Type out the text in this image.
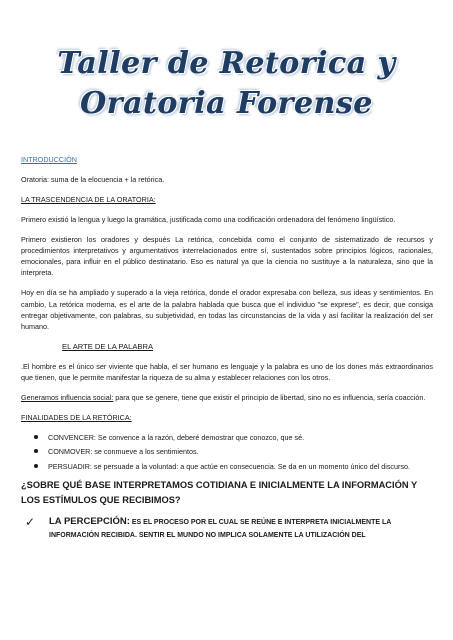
Taller de Retorica y
Oratoria Forense

INTRODUCCIÓN

Oratoria: suma de la elocuencia + la retórica.

LA TRASCENDENCIA DE LA ORATORIA:

Primero existió la lengua y luego la gramática, justificada como una codificación ordenadora del fenómeno lingüístico.

Primero existieron los oradores y después La retórica, concebida como el conjunto de sistematizado de recursos y procedimientos interpretativos y argumentativos interrelacionados entre sí, sustentados sobre principios lógicos, racionales, emocionales, para influir en el público destinatario. Eso es natural ya que la ciencia no sustituye a la naturaleza, sino que la interpreta.

Hoy en día se ha ampliado y superado a la vieja retórica, donde el orador expresaba con belleza, sus ideas y sentimientos. En cambio, La retórica moderna, es el arte de la palabra hablada que busca que el individuo "se exprese", es decir, que consiga entregar objetivamente, con palabras, su subjetividad, en todas las circunstancias de la vida y así facilitar la realización del ser humano.

EL ARTE DE LA PALABRA

.El hombre es el único ser viviente que habla, el ser humano es lenguaje y la palabra es uno de los dones más extraordinarios que tienen, que le permite manifestar la riqueza de su alma y establecer relaciones con los otros.

Generamos influencia social: para que se genere, tiene que existir el principio de libertad, sino no es influencia, sería coacción.

FINALIDADES DE LA RETÓRICA:

CONVENCER: Se convence a la razón, deberé demostrar que conozco, que sé.
CONMOVER: se conmueve a los sentimientos.
PERSUADIR: se persuade a la voluntad: a que actúe en consecuencia. Se da en un momento único del discurso.

¿SOBRE QUÉ BASE INTERPRETAMOS COTIDIANA E INICIALMENTE LA INFORMACIÓN Y LOS ESTÍMULOS QUE RECIBIMOS?

✓ LA PERCEPCIÓN: ES EL PROCESO POR EL CUAL SE REÚNE E INTERPRETA INICIALMENTE LA INFORMACIÓN RECIBIDA. SENTIR EL MUNDO NO IMPLICA SOLAMENTE LA UTILIZACIÓN DEL
